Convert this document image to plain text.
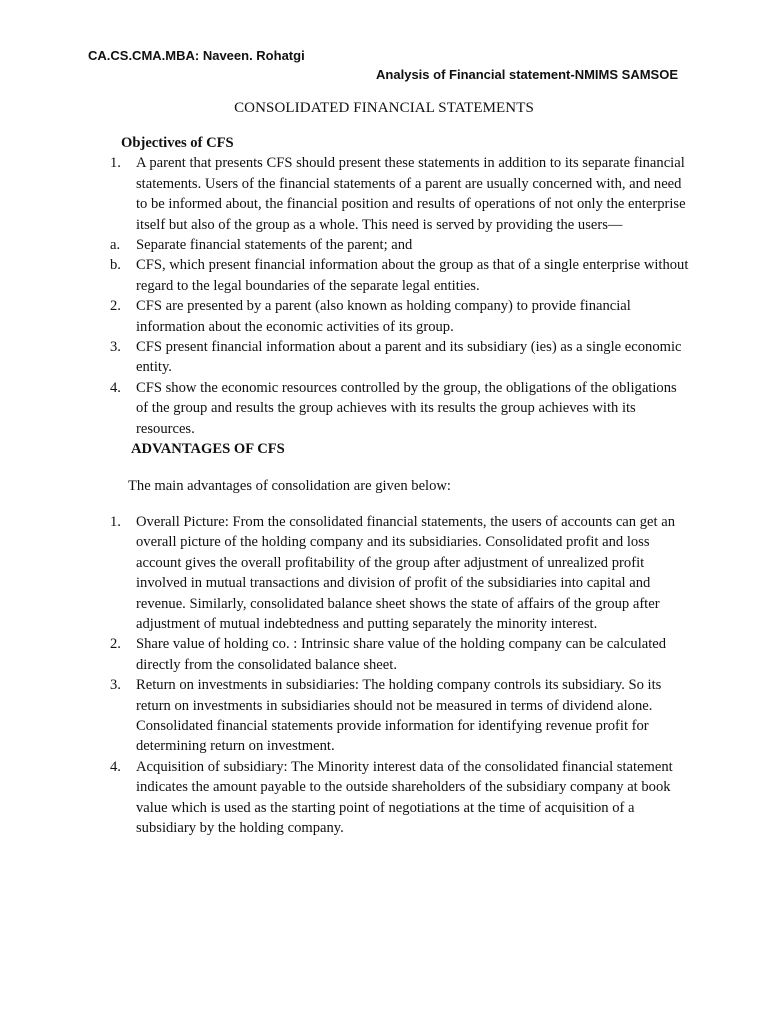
CA.CS.CMA.MBA: Naveen. Rohatgi
Analysis of Financial statement-NMIMS SAMSOE
CONSOLIDATED FINANCIAL STATEMENTS
Objectives of CFS
1. A parent that presents CFS should present these statements in addition to its separate financial statements. Users of the financial statements of a parent are usually concerned with, and need to be informed about, the financial position and results of operations of not only the enterprise itself but also of the group as a whole. This need is served by providing the users—
a. Separate financial statements of the parent; and
b. CFS, which present financial information about the group as that of a single enterprise without regard to the legal boundaries of the separate legal entities.
2. CFS are presented by a parent (also known as holding company) to provide financial information about the economic activities of its group.
3. CFS present financial information about a parent and its subsidiary (ies) as a single economic entity.
4. CFS show the economic resources controlled by the group, the obligations of the obligations of the group and results the group achieves with its results the group achieves with its resources.
ADVANTAGES OF CFS

The main advantages of consolidation are given below:

1. Overall Picture: From the consolidated financial statements, the users of accounts can get an overall picture of the holding company and its subsidiaries. Consolidated profit and loss account gives the overall profitability of the group after adjustment of unrealized profit involved in mutual transactions and division of profit of the subsidiaries into capital and revenue. Similarly, consolidated balance sheet shows the state of affairs of the group after adjustment of mutual indebtedness and putting separately the minority interest.
2. Share value of holding co. : Intrinsic share value of the holding company can be calculated directly from the consolidated balance sheet.
3. Return on investments in subsidiaries: The holding company controls its subsidiary. So its return on investments in subsidiaries should not be measured in terms of dividend alone. Consolidated financial statements provide information for identifying revenue profit for determining return on investment.
4. Acquisition of subsidiary: The Minority interest data of the consolidated financial statement indicates the amount payable to the outside shareholders of the subsidiary company at book value which is used as the starting point of negotiations at the time of acquisition of a subsidiary by the holding company.
